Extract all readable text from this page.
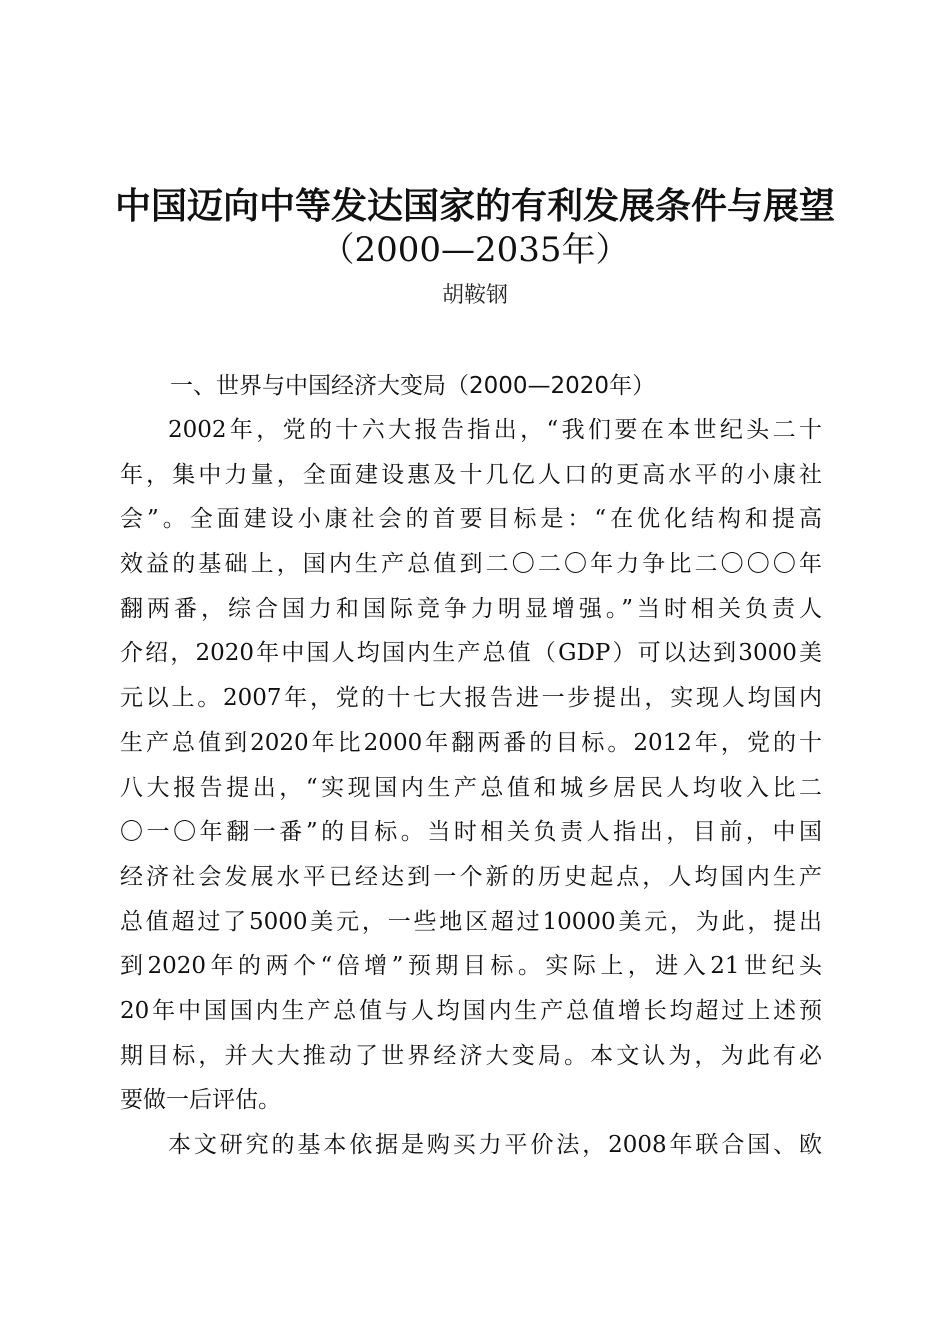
中国迈向中等发达国家的有利发展条件与展望
（2000—2035年）
胡鞍钢
一、世界与中国经济大变局（2000—2020年）
2002年，党的十六大报告指出，“我们要在本世纪头二十
年，集中力量，全面建设惠及十几亿人口的更高水平的小康社
会”。全面建设小康社会的首要目标是：“在优化结构和提高
效益的基础上，国内生产总值到二〇二〇年力争比二〇〇〇年
翻两番，综合国力和国际竞争力明显增强。”当时相关负责人
介绍，2020年中国人均国内生产总值（GDP）可以达到3000美
元以上。2007年，党的十七大报告进一步提出，实现人均国内
生产总值到2020年比2000年翻两番的目标。2012年，党的十
八大报告提出，“实现国内生产总值和城乡居民人均收入比二
〇一〇年翻一番”的目标。当时相关负责人指出，目前，中国
经济社会发展水平已经达到一个新的历史起点，人均国内生产
总值超过了5000美元，一些地区超过10000美元，为此，提出
到2020年的两个“倍增”预期目标。实际上，进入21世纪头
20年中国国内生产总值与人均国内生产总值增长均超过上述预
期目标，并大大推动了世界经济大变局。本文认为，为此有必
要做一后评估。
本文研究的基本依据是购买力平价法，2008年联合国、欧
